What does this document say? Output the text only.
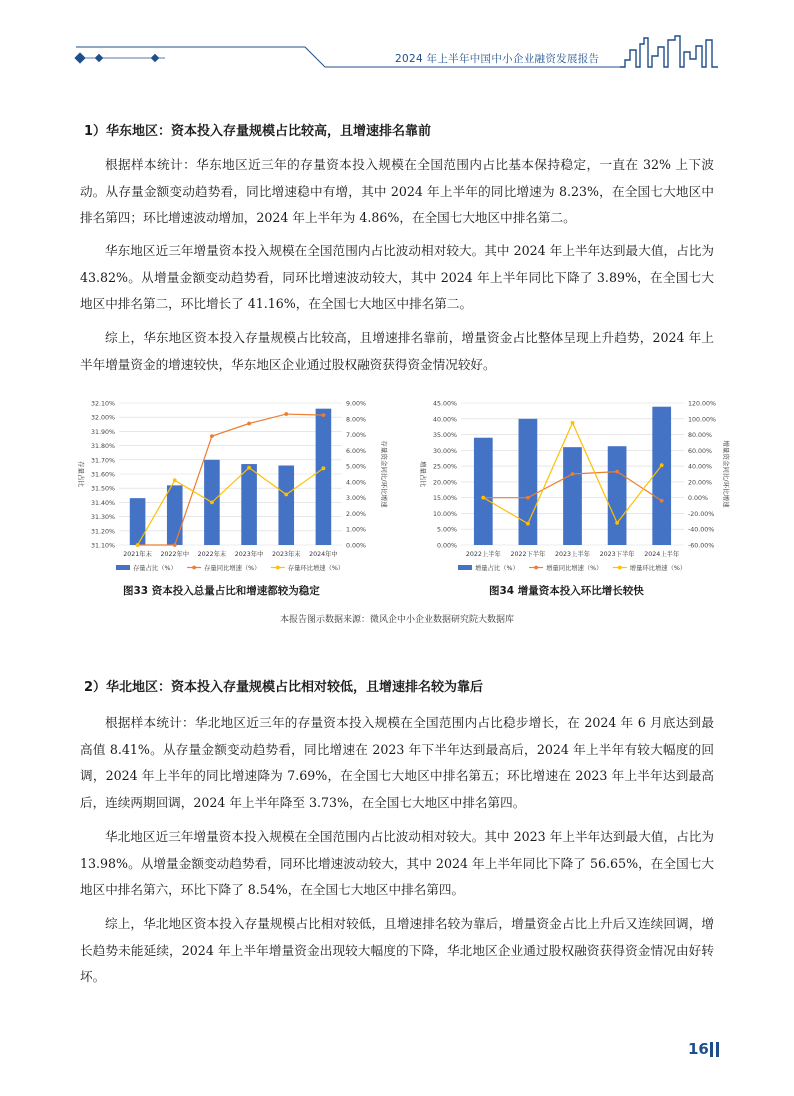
2024 年上半年中国中小企业融资发展报告
1）华东地区：资本投入存量规模占比较高，且增速排名靠前

根据样本统计：华东地区近三年的存量资本投入规模在全国范围内占比基本保持稳定，一直在 32% 上下波动。从存量金额变动趋势看，同比增速稳中有增，其中 2024 年上半年的同比增速为 8.23%，在全国七大地区中排名第四；环比增速波动增加，2024 年上半年为 4.86%，在全国七大地区中排名第二。

华东地区近三年增量资本投入规模在全国范围内占比波动相对较大。其中 2024 年上半年达到最大值，占比为 43.82%。从增量金额变动趋势看，同环比增速波动较大，其中 2024 年上半年同比下降了 3.89%，在全国七大地区中排名第二，环比增长了 41.16%，在全国七大地区中排名第二。

综上，华东地区资本投入存量规模占比较高，且增速排名靠前，增量资金占比整体呈现上升趋势，2024 年上半年增量资金的增速较快，华东地区企业通过股权融资获得资金情况较好。

32.10%
32.00%
31.90%
31.80%
31.70%
31.60%
31.50%
31.40%
31.30%
31.20%
31.10%
9.00%
8.00%
7.00%
6.00%
5.00%
4.00%
3.00%
2.00%
1.00%
0.00%
存量占比	存量资金同比/环比增速
2021年末 2022年中 2022年末 2023年中 2023年末 2024年中
存量占比（%）	存量同比增速（%）	存量环比增速（%）
图33 资本投入总量占比和增速都较为稳定
45.00%
40.00%
35.00%
30.00%
25.00%
20.00%
15.00%
10.00%
5.00%
0.00%
120.00%
100.00%
80.00%
60.00%
40.00%
20.00%
0.00%
-20.00%
-40.00%
-60.00%
增量占比	增量资金同比/环比增速
2022上半年 2022下半年 2023上半年 2023下半年 2024上半年
增量占比（%）	增量同比增速（%）	增量环比增速（%）
图34 增量资本投入环比增长较快
本报告图示数据来源：微风企中小企业数据研究院大数据库
2）华北地区：资本投入存量规模占比相对较低，且增速排名较为靠后

根据样本统计：华北地区近三年的存量资本投入规模在全国范围内占比稳步增长，在 2024 年 6 月底达到最高值 8.41%。从存量金额变动趋势看，同比增速在 2023 年下半年达到最高后，2024 年上半年有较大幅度的回调，2024 年上半年的同比增速降为 7.69%，在全国七大地区中排名第五；环比增速在 2023 年上半年达到最高后，连续两期回调，2024 年上半年降至 3.73%，在全国七大地区中排名第四。

华北地区近三年增量资本投入规模在全国范围内占比波动相对较大。其中 2023 年上半年达到最大值，占比为 13.98%。从增量金额变动趋势看，同环比增速波动较大，其中 2024 年上半年同比下降了 56.65%，在全国七大地区中排名第六，环比下降了 8.54%，在全国七大地区中排名第四。

综上，华北地区资本投入存量规模占比相对较低，且增速排名较为靠后，增量资金占比上升后又连续回调，增长趋势未能延续，2024 年上半年增量资金出现较大幅度的下降，华北地区企业通过股权融资获得资金情况由好转坏。

16
